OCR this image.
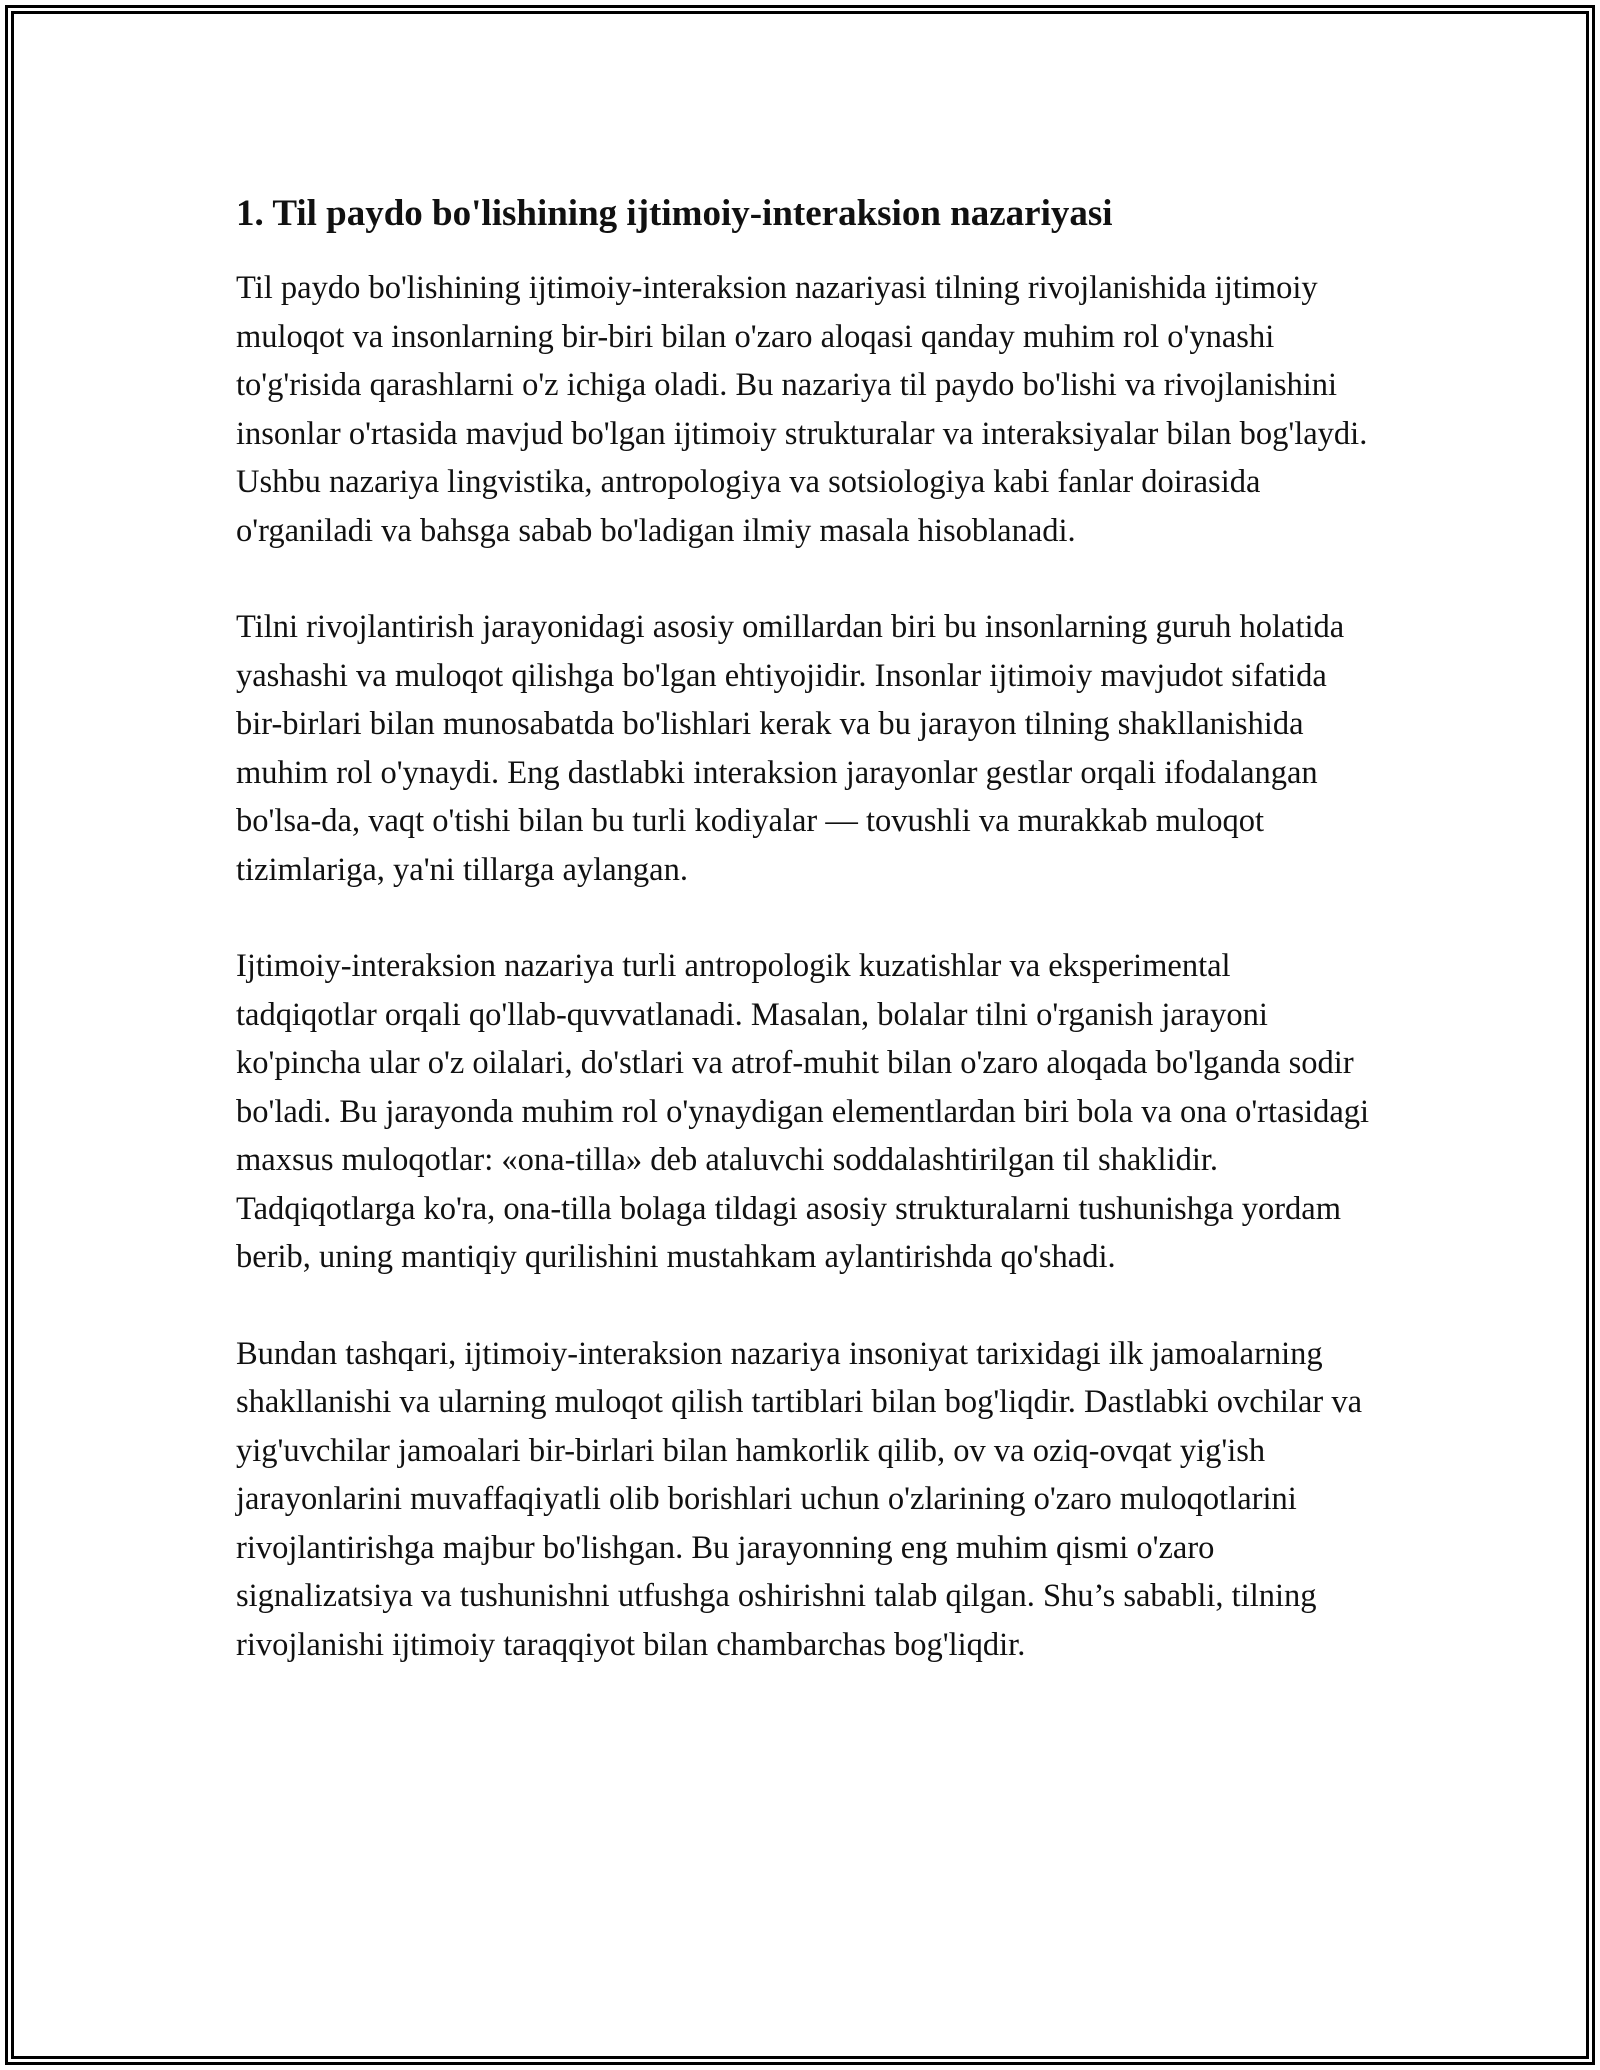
1. Til paydo bo'lishining ijtimoiy-interaksion nazariyasi

Til paydo bo'lishining ijtimoiy-interaksion nazariyasi tilning rivojlanishida ijtimoiy muloqot va insonlarning bir-biri bilan o'zaro aloqasi qanday muhim rol o'ynashi to'g'risida qarashlarni o'z ichiga oladi. Bu nazariya til paydo bo'lishi va rivojlanishini insonlar o'rtasida mavjud bo'lgan ijtimoiy strukturalar va interaksiyalar bilan bog'laydi. Ushbu nazariya lingvistika, antropologiya va sotsiologiya kabi fanlar doirasida o'rganiladi va bahsga sabab bo'ladigan ilmiy masala hisoblanadi.

Tilni rivojlantirish jarayonidagi asosiy omillardan biri bu insonlarning guruh holatida yashashi va muloqot qilishga bo'lgan ehtiyojidir. Insonlar ijtimoiy mavjudot sifatida bir-birlari bilan munosabatda bo'lishlari kerak va bu jarayon tilning shakllanishida muhim rol o'ynaydi. Eng dastlabki interaksion jarayonlar gestlar orqali ifodalangan bo'lsa-da, vaqt o'tishi bilan bu turli kodiyalar — tovushli va murakkab muloqot tizimlariga, ya'ni tillarga aylangan.

Ijtimoiy-interaksion nazariya turli antropologik kuzatishlar va eksperimental tadqiqotlar orqali qo'llab-quvvatlanadi. Masalan, bolalar tilni o'rganish jarayoni ko'pincha ular o'z oilalari, do'stlari va atrof-muhit bilan o'zaro aloqada bo'lganda sodir bo'ladi. Bu jarayonda muhim rol o'ynaydigan elementlardan biri bola va ona o'rtasidagi maxsus muloqotlar: «ona-tilla» deb ataluvchi soddalashtirilgan til shaklidir. Tadqiqotlarga ko'ra, ona-tilla bolaga tildagi asosiy strukturalarni tushunishga yordam berib, uning mantiqiy qurilishini mustahkam aylantirishda qo'shadi.

Bundan tashqari, ijtimoiy-interaksion nazariya insoniyat tarixidagi ilk jamoalarning shakllanishi va ularning muloqot qilish tartiblari bilan bog'liqdir. Dastlabki ovchilar va yig'uvchilar jamoalari bir-birlari bilan hamkorlik qilib, ov va oziq-ovqat yig'ish jarayonlarini muvaffaqiyatli olib borishlari uchun o'zlarining o'zaro muloqotlarini rivojlantirishga majbur bo'lishgan. Bu jarayonning eng muhim qismi o'zaro signalizatsiya va tushunishni utfushga oshirishni talab qilgan. Shu’s sababli, tilning rivojlanishi ijtimoiy taraqqiyot bilan chambarchas bog'liqdir.
